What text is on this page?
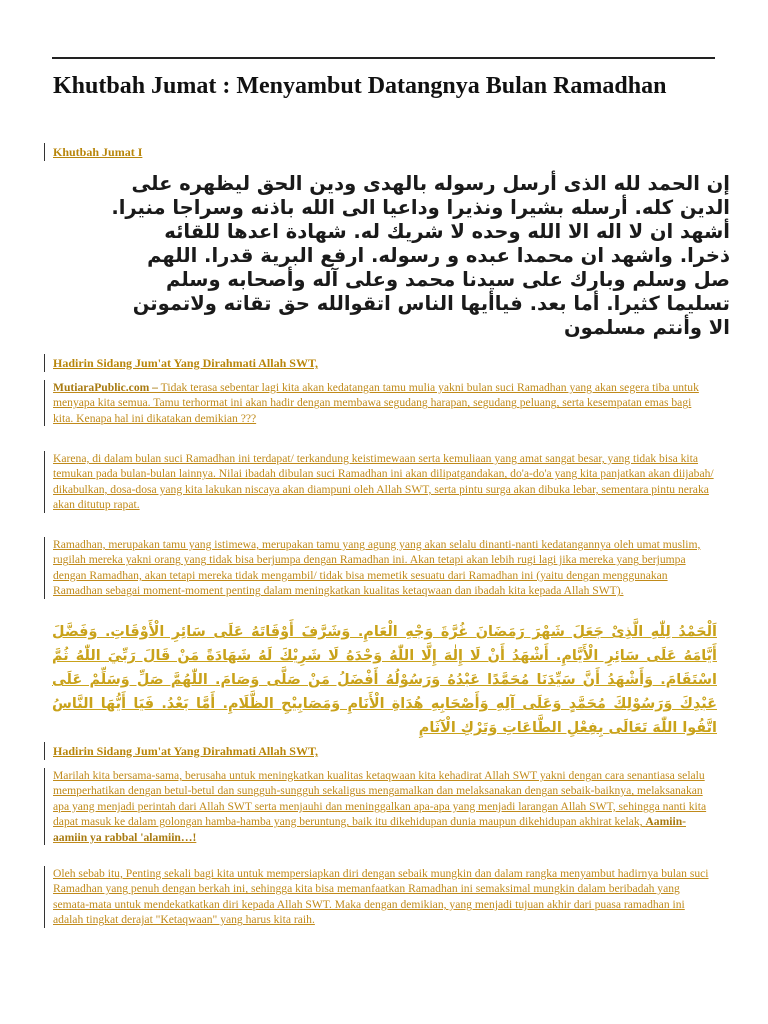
Khutbah Jumat : Menyambut Datangnya Bulan Ramadhan
Khutbah Jumat I

إن الحمد لله الذى أرسل رسوله بالهدى ودين الحق ليظهره على الدين كله. أرسله بشيرا ونذيرا وداعيا الى الله باذنه وسراجا منيرا. أشهد ان لا اله الا الله وحده لا شريك له. شهادة اعدها للقائه ذخرا. واشهد ان محمدا عبده و رسوله. ارفع البرية قدرا. اللهم صل وسلم وبارك على سيدنا محمد وعلى آله وأصحابه وسلم تسليما كثيرا. أما بعد. فياأيها الناس اتقوالله حق تقاته ولاتموتن الا وأنتم مسلمون

Hadirin Sidang Jum'at Yang Dirahmati Allah SWT,

MutiaraPublic.com – Tidak terasa sebentar lagi kita akan kedatangan tamu mulia yakni bulan suci Ramadhan yang akan segera tiba untuk menyapa kita semua. Tamu terhormat ini akan hadir dengan membawa segudang harapan, segudang peluang, serta kesempatan emas bagi kita. Kenapa hal ini dikatakan demikian ???

Karena, di dalam bulan suci Ramadhan ini terdapat/ terkandung keistimewaan serta kemuliaan yang amat sangat besar, yang tidak bisa kita temukan pada bulan-bulan lainnya. Nilai ibadah dibulan suci Ramadhan ini akan dilipatgandakan, do'a-do'a yang kita panjatkan akan diijabah/ dikabulkan, dosa-dosa yang kita lakukan niscaya akan diampuni oleh Allah SWT, serta pintu surga akan dibuka lebar, sementara pintu neraka akan ditutup rapat.

Ramadhan, merupakan tamu yang istimewa, merupakan tamu yang agung yang akan selalu dinanti-nanti kedatangannya oleh umat muslim, rugilah mereka yakni orang yang tidak bisa berjumpa dengan Ramadhan ini. Akan tetapi akan lebih rugi lagi jika mereka yang berjumpa dengan Ramadhan, akan tetapi mereka tidak mengambil/ tidak bisa memetik sesuatu dari Ramadhan ini (yaitu dengan menggunakan Ramadhan sebagai moment-moment penting dalam meningkatkan kualitas ketaqwaan dan ibadah kita kepada Allah SWT).

اَلْحَمْدُ لِلّٰهِ الَّذِىْ جَعَلَ شَهْرَ رَمَضَانَ غُرَّةَ وَجْهِ الْعَامِ. وَشَرَّفَ أَوْقَاتَهُ عَلَى سَائِرِ الْأَوْقَاتِ. وَفَضَّلَ أَيَّامَهُ عَلَى سَائِرِ الْأَيَّامِ. أَشْهَدُ أَنْ لَا إِلٰهَ إِلَّا اللّٰهُ وَحْدَهُ لَا شَرِيْكَ لَهُ شَهَادَةً مَنْ قَالَ رَبِّيَ اللّٰهُ ثُمَّ اسْتَقَامَ. وَأَشْهَدُ أَنَّ سَيِّدَنَا مُحَمَّدًا عَبْدُهُ وَرَسُوْلُهُ أَفْضَلُ مَنْ صَلَّى وَصَامَ. اللّٰهُمَّ صَلِّ وَسَلِّمْ عَلَى عَبْدِكَ وَرَسُوْلِكَ مُحَمَّدٍ وَعَلَى آلِهِ وَأَصْحَابِهِ هُدَاةِ الْأَنَامِ وَمَصَابِيْحِ الظَّلَامِ. أَمَّا بَعْدُ. فَيَا أَيُّهَا النَّاسُ اتَّقُوا اللّٰهَ تَعَالَى بِفِعْلِ الطَّاعَاتِ وَتَرْكِ الْآثَامِ

Hadirin Sidang Jum'at Yang Dirahmati Allah SWT,

Marilah kita bersama-sama, berusaha untuk meningkatkan kualitas ketaqwaan kita kehadirat Allah SWT yakni dengan cara senantiasa selalu memperhatikan dengan betul-betul dan sungguh-sungguh sekaligus mengamalkan dan melaksanakan dengan sebaik-baiknya, melaksanakan apa yang menjadi perintah dari Allah SWT serta menjauhi dan meninggalkan apa-apa yang menjadi larangan Allah SWT, sehingga nanti kita dapat masuk ke dalam golongan hamba-hamba yang beruntung, baik itu dikehidupan dunia maupun dikehidupan akhirat kelak, Aamiin-aamiin ya rabbal 'alamiin…!

Oleh sebab itu, Penting sekali bagi kita untuk mempersiapkan diri dengan sebaik mungkin dan dalam rangka menyambut hadirnya bulan suci Ramadhan yang penuh dengan berkah ini, sehingga kita bisa memanfaatkan Ramadhan ini semaksimal mungkin dalam beribadah yang semata-mata untuk mendekatkatkan diri kepada Allah SWT. Maka dengan demikian, yang menjadi tujuan akhir dari puasa ramadhan ini adalah tingkat derajat "Ketaqwaan" yang harus kita raih.
